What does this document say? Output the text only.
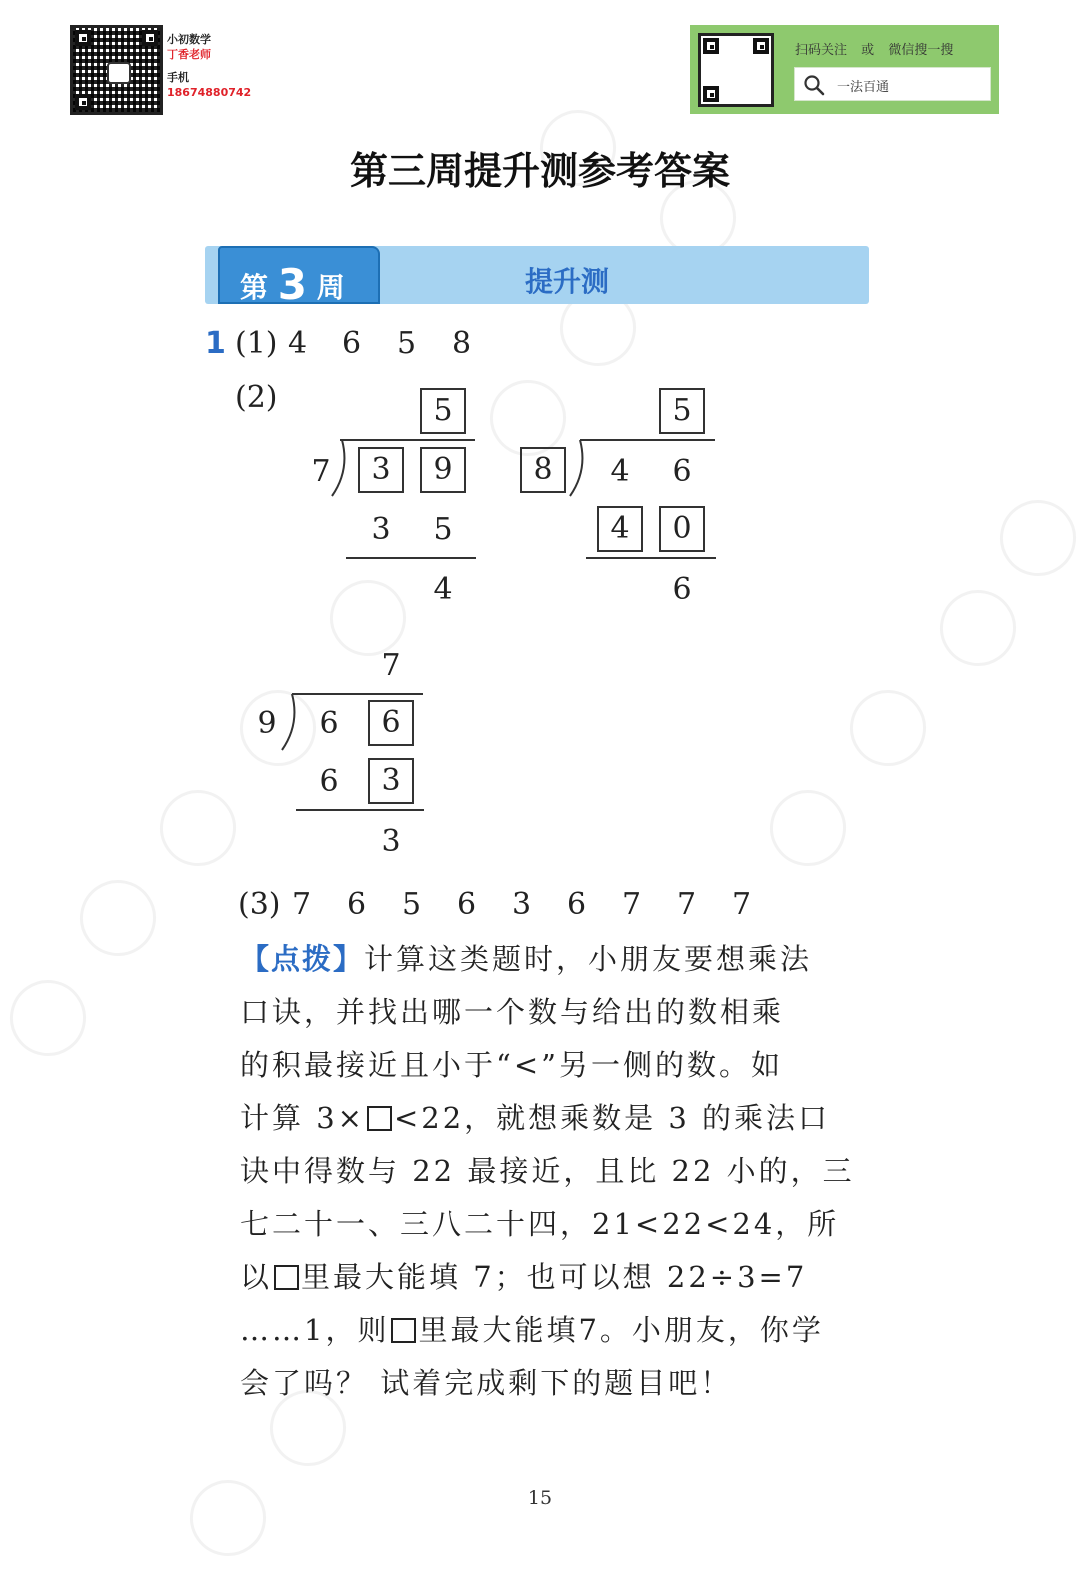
小初数学
丁香老师
手机
18674880742
扫码关注 或 微信搜一搜
一法百通
第三周提升测参考答案
第 3 周	提升测
1 (1) 4 6 5 8
(2)	5
7	3	9
3	5
4
5
8	4	6
4	0
6
7
9	6	6
6	3
3
(3) 7 6 5 6 3 6 7 7 7
【点拨】计算这类题时，小朋友要想乘法
口诀，并找出哪一个数与给出的数相乘
的积最接近且小于“<”另一侧的数。如
计算 3× <22，就想乘数是 3 的乘法口
诀中得数与 22 最接近，且比 22 小的，三
七二十一、三八二十四，21<22<24，所
以 里最大能填 7；也可以想 22÷3=7
……1，则 里最大能填7。小朋友，你学
会了吗？ 试着完成剩下的题目吧！
15
